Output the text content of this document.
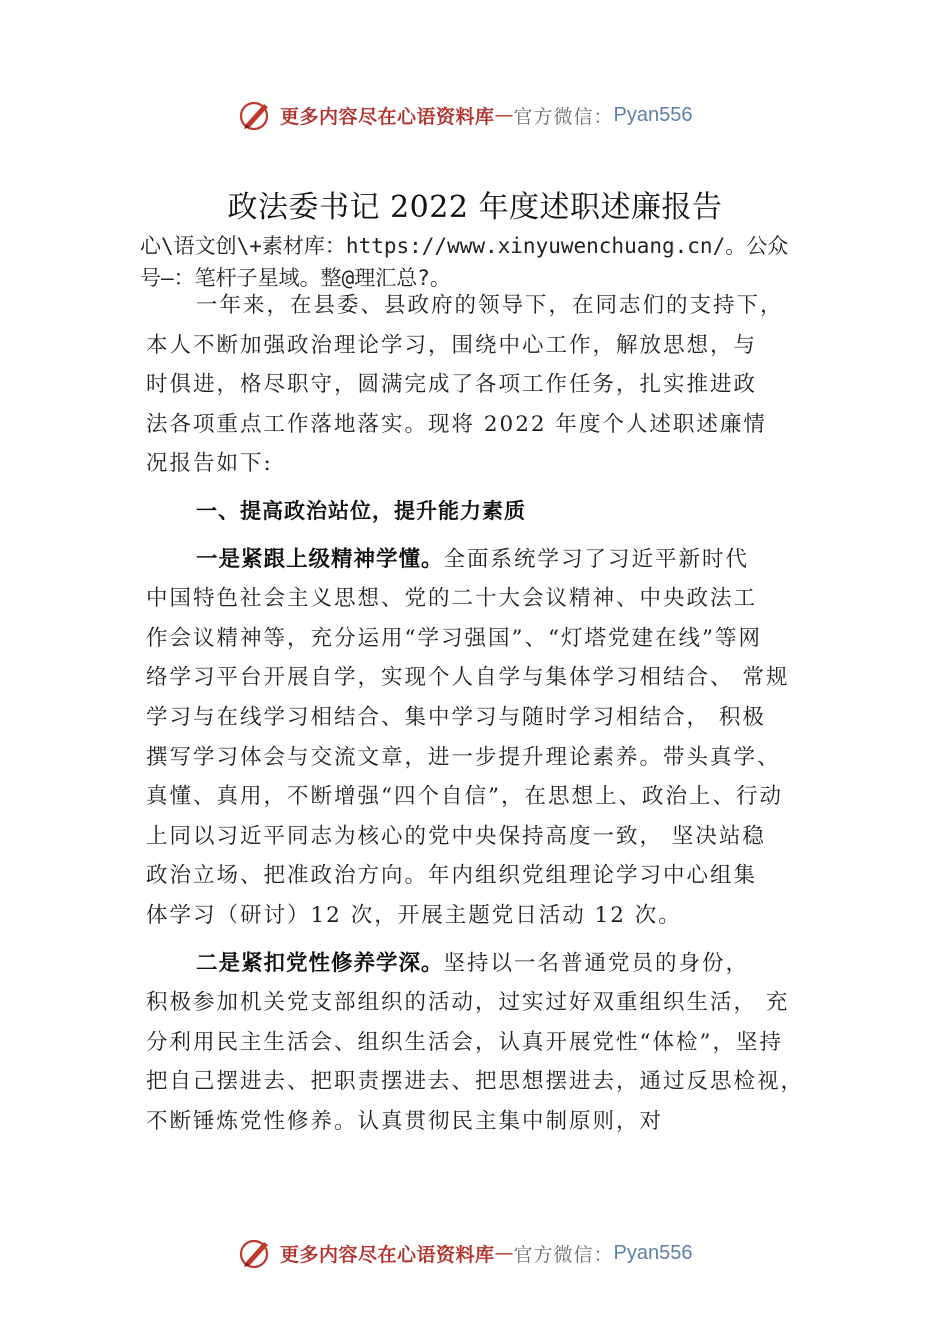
更多内容尽在心语资料库 — 官方微信： Pyan556
政法委书记 2022 年度述职述廉报告
心\语文创\+素材库：https://www.xinyuwenchuang.cn/。公众
号—：笔杆子星域。整@理汇总?。
一年来，在县委、县政府的领导下，在同志们的支持下，
本人不断加强政治理论学习，围绕中心工作，解放思想，与
时俱进，格尽职守，圆满完成了各项工作任务，扎实推进政
法各项重点工作落地落实。现将 2022 年度个人述职述廉情
况报告如下:
一、提高政治站位，提升能力素质
一是紧跟上级精神学懂。全面系统学习了习近平新时代
中国特色社会主义思想、党的二十大会议精神、中央政法工
作会议精神等，充分运用“学习强国”、“灯塔党建在线”等网
络学习平台开展自学，实现个人自学与集体学习相结合、 常规
学习与在线学习相结合、集中学习与随时学习相结合， 积极
撰写学习体会与交流文章，进一步提升理论素养。带头真学、
真懂、真用，不断增强“四个自信”，在思想上、政治上、行动
上同以习近平同志为核心的党中央保持高度一致， 坚决站稳
政治立场、把准政治方向。年内组织党组理论学习中心组集
体学习（研讨）12 次，开展主题党日活动 12 次。
二是紧扣党性修养学深。坚持以一名普通党员的身份，
积极参加机关党支部组织的活动，过实过好双重组织生活， 充
分利用民主生活会、组织生活会，认真开展党性“体检”，坚持
把自己摆进去、把职责摆进去、把思想摆进去，通过反思检视，
不断锤炼党性修养。认真贯彻民主集中制原则，对
更多内容尽在心语资料库 — 官方微信： Pyan556
